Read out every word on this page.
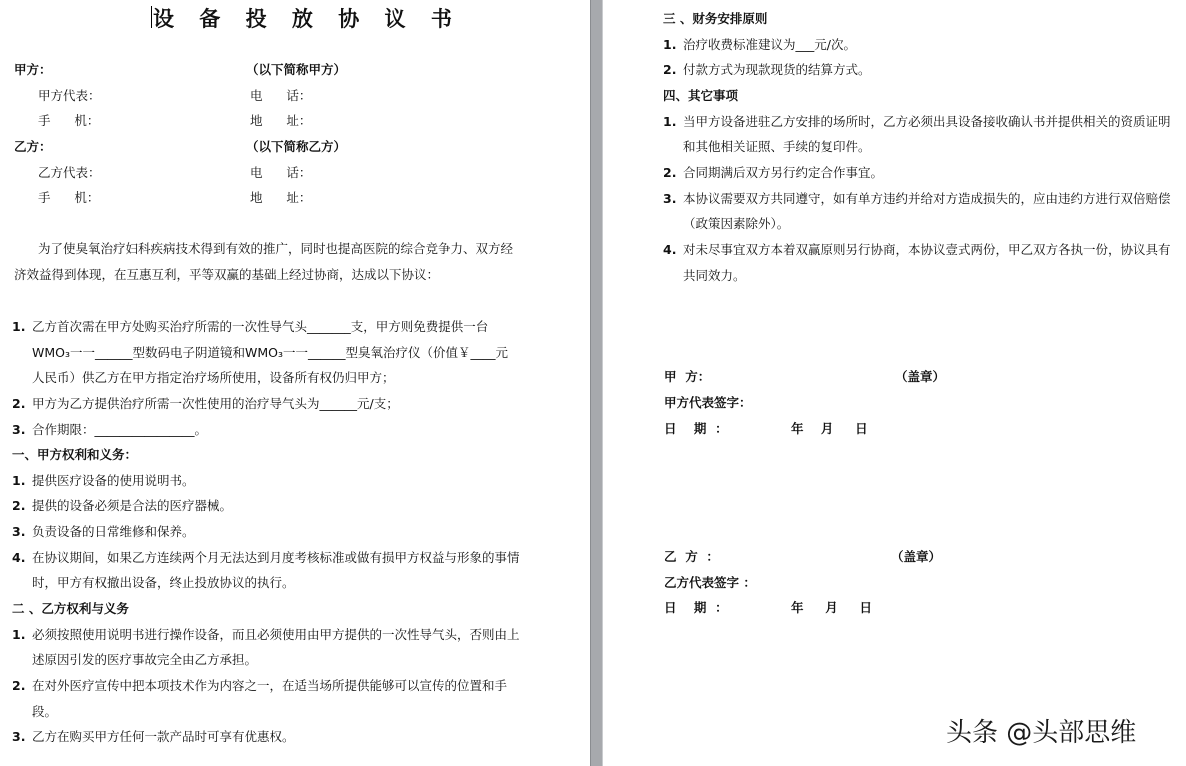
设 备 投 放 协 议 书
甲方：	（以下简称甲方）
甲方代表：	电      话：
手      机：	地      址：
乙方：	（以下简称乙方）
乙方代表：	电      话：
手      机：	地      址：
为了使臭氧治疗妇科疾病技术得到有效的推广，同时也提高医院的综合竞争力、双方经
济效益得到体现，在互惠互利，平等双赢的基础上经过协商，达成以下协议：
1. 乙方首次需在甲方处购买治疗所需的一次性导气头_______支，甲方则免费提供一台
WMO₃一一______型数码电子阴道镜和WMO₃一一______型臭氧治疗仪（价值￥____元
人民币）供乙方在甲方指定治疗场所使用，设备所有权仍归甲方；
2. 甲方为乙方提供治疗所需一次性使用的治疗导气头为______元/支；
3. 合作期限：________________。
一、甲方权利和义务：
1. 提供医疗设备的使用说明书。
2. 提供的设备必须是合法的医疗器械。
3. 负责设备的日常维修和保养。
4. 在协议期间，如果乙方连续两个月无法达到月度考核标准或做有损甲方权益与形象的事情
时，甲方有权撤出设备，终止投放协议的执行。
二 、乙方权利与义务
1. 必须按照使用说明书进行操作设备，而且必须使用由甲方提供的一次性导气头，否则由上
述原因引发的医疗事故完全由乙方承担。
2. 在对外医疗宣传中把本项技术作为内容之一，在适当场所提供能够可以宣传的位置和手
段。
3. 乙方在购买甲方任何一款产品时可享有优惠权。
三 、财务安排原则
1. 治疗收费标准建议为___元/次。
2. 付款方式为现款现货的结算方式。
四、其它事项
1. 当甲方设备进驻乙方安排的场所时，乙方必须出具设备接收确认书并提供相关的资质证明
和其他相关证照、手续的复印件。
2. 合同期满后双方另行约定合作事宜。
3. 本协议需要双方共同遵守，如有单方违约并给对方造成损失的，应由违约方进行双倍赔偿
（政策因素除外）。
4. 对未尽事宜双方本着双赢原则另行协商，本协议壹式两份，甲乙双方各执一份，协议具有
共同效力。
甲  方：	（盖章）
甲方代表签字：
日    期  ：	年    月     日
乙  方  ：	（盖章）
乙方代表签字 ：
日    期  ：	年     月     日
头条 @头部思维
